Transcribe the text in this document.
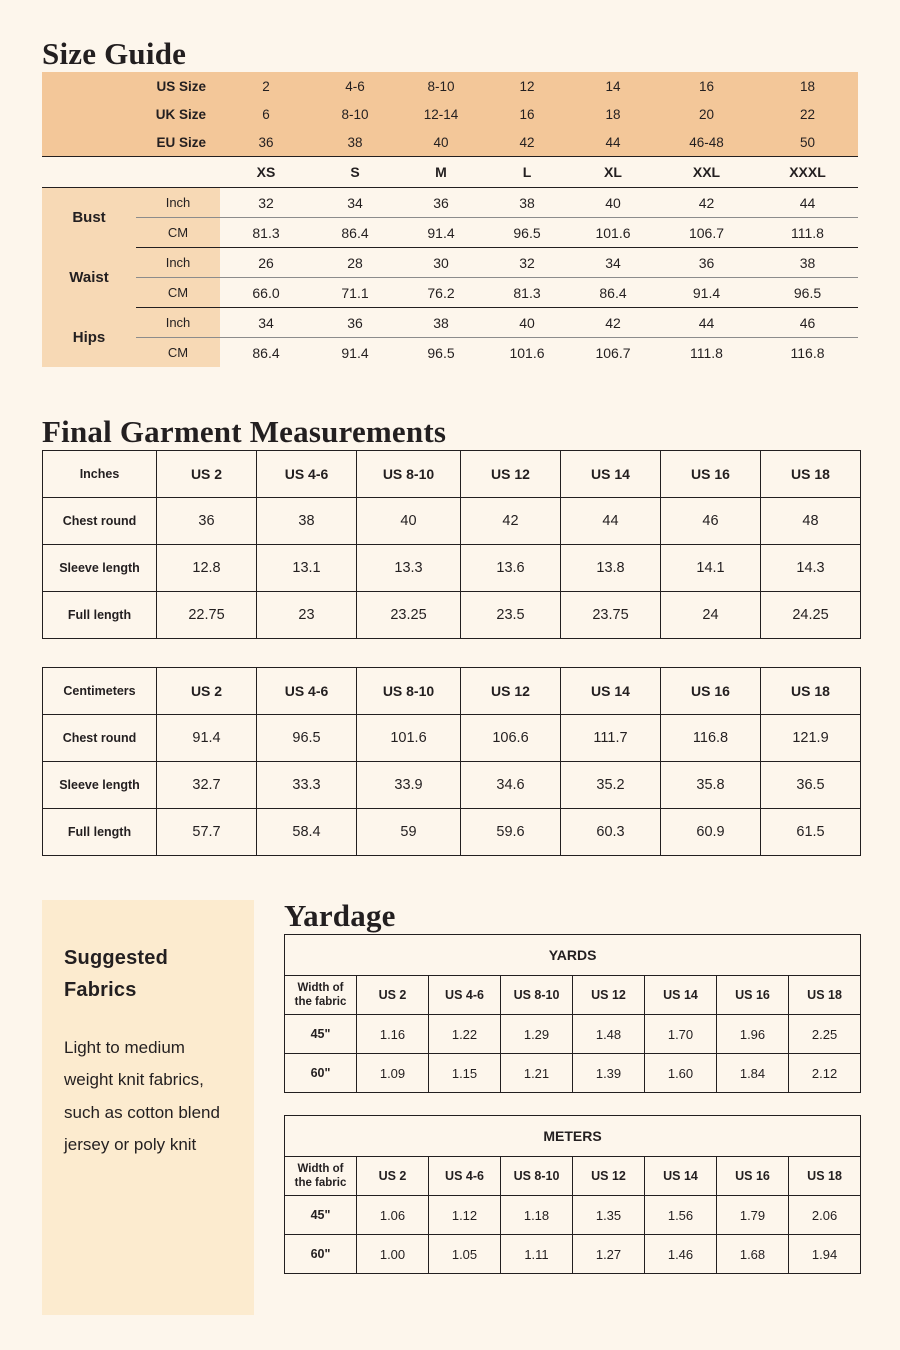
Size Guide
US Size		2	4-6	8-10	12	14	16	18
UK Size		6	8-10	12-14	16	18	20	22
EU Size		36	38	40	42	44	46-48	50
		XS	S	M	L	XL	XXL	XXXL
Bust	Inch	32	34	36	38	40	42	44
	CM	81.3	86.4	91.4	96.5	101.6	106.7	111.8
Waist	Inch	26	28	30	32	34	36	38
	CM	66.0	71.1	76.2	81.3	86.4	91.4	96.5
Hips	Inch	34	36	38	40	42	44	46
	CM	86.4	91.4	96.5	101.6	106.7	111.8	116.8
Final Garment Measurements
Inches	US 2	US 4-6	US 8-10	US 12	US 14	US 16	US 18
Chest round	36	38	40	42	44	46	48
Sleeve length	12.8	13.1	13.3	13.6	13.8	14.1	14.3
Full length	22.75	23	23.25	23.5	23.75	24	24.25
Centimeters	US 2	US 4-6	US 8-10	US 12	US 14	US 16	US 18
Chest round	91.4	96.5	101.6	106.6	111.7	116.8	121.9
Sleeve length	32.7	33.3	33.9	34.6	35.2	35.8	36.5
Full length	57.7	58.4	59	59.6	60.3	60.9	61.5
Suggested
Fabrics

Light to medium weight knit fabrics, such as cotton blend jersey or poly knit

Yardage
YARDS							
Width of
the fabric	US 2	US 4-6	US 8-10	US 12	US 14	US 16	US 18
45"	1.16	1.22	1.29	1.48	1.70	1.96	2.25
60"	1.09	1.15	1.21	1.39	1.60	1.84	2.12
METERS							
Width of
the fabric	US 2	US 4-6	US 8-10	US 12	US 14	US 16	US 18
45"	1.06	1.12	1.18	1.35	1.56	1.79	2.06
60"	1.00	1.05	1.11	1.27	1.46	1.68	1.94
